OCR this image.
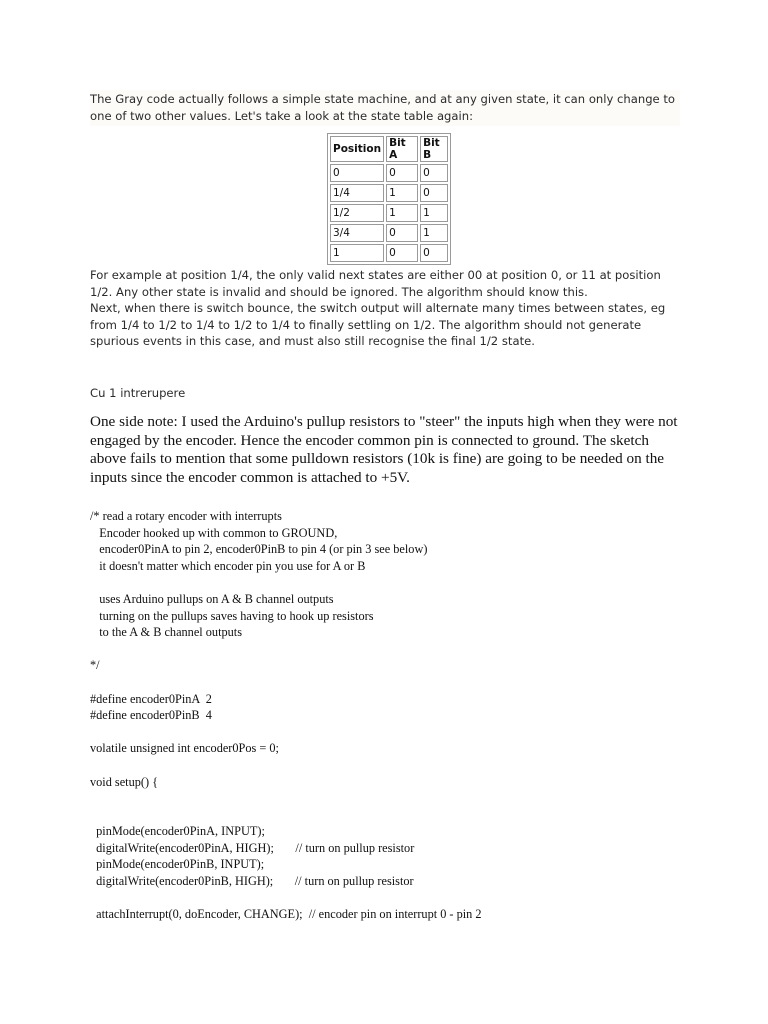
The Gray code actually follows a simple state machine, and at any given state, it can only change to

one of two other values. Let's take a look at the state table again:

Position	Bit A	Bit B
0	0	0
1/4	1	0
1/2	1	1
3/4	0	1
1	0	0

For example at position 1/4, the only valid next states are either 00 at position 0, or 11 at position

1/2. Any other state is invalid and should be ignored. The algorithm should know this.

Next, when there is switch bounce, the switch output will alternate many times between states, eg

from 1/4 to 1/2 to 1/4 to 1/2 to 1/4 to finally settling on 1/2. The algorithm should not generate

spurious events in this case, and must also still recognise the final 1/2 state.

Cu 1 intrerupere
One side note: I used the Arduino's pullup resistors to "steer" the inputs high when they were not
engaged by the encoder. Hence the encoder common pin is connected to ground. The sketch
above fails to mention that some pulldown resistors (10k is fine) are going to be needed on the
inputs since the encoder common is attached to +5V.
/* read a rotary encoder with interrupts
Encoder hooked up with common to GROUND,
encoder0PinA to pin 2, encoder0PinB to pin 4 (or pin 3 see below)
it doesn't matter which encoder pin you use for A or B
uses Arduino pullups on A & B channel outputs
turning on the pullups saves having to hook up resistors
to the A & B channel outputs
*/
#define encoder0PinA  2
#define encoder0PinB  4
volatile unsigned int encoder0Pos = 0;
void setup() {
pinMode(encoder0PinA, INPUT);
digitalWrite(encoder0PinA, HIGH);       // turn on pullup resistor
pinMode(encoder0PinB, INPUT);
digitalWrite(encoder0PinB, HIGH);       // turn on pullup resistor
attachInterrupt(0, doEncoder, CHANGE);  // encoder pin on interrupt 0 - pin 2
